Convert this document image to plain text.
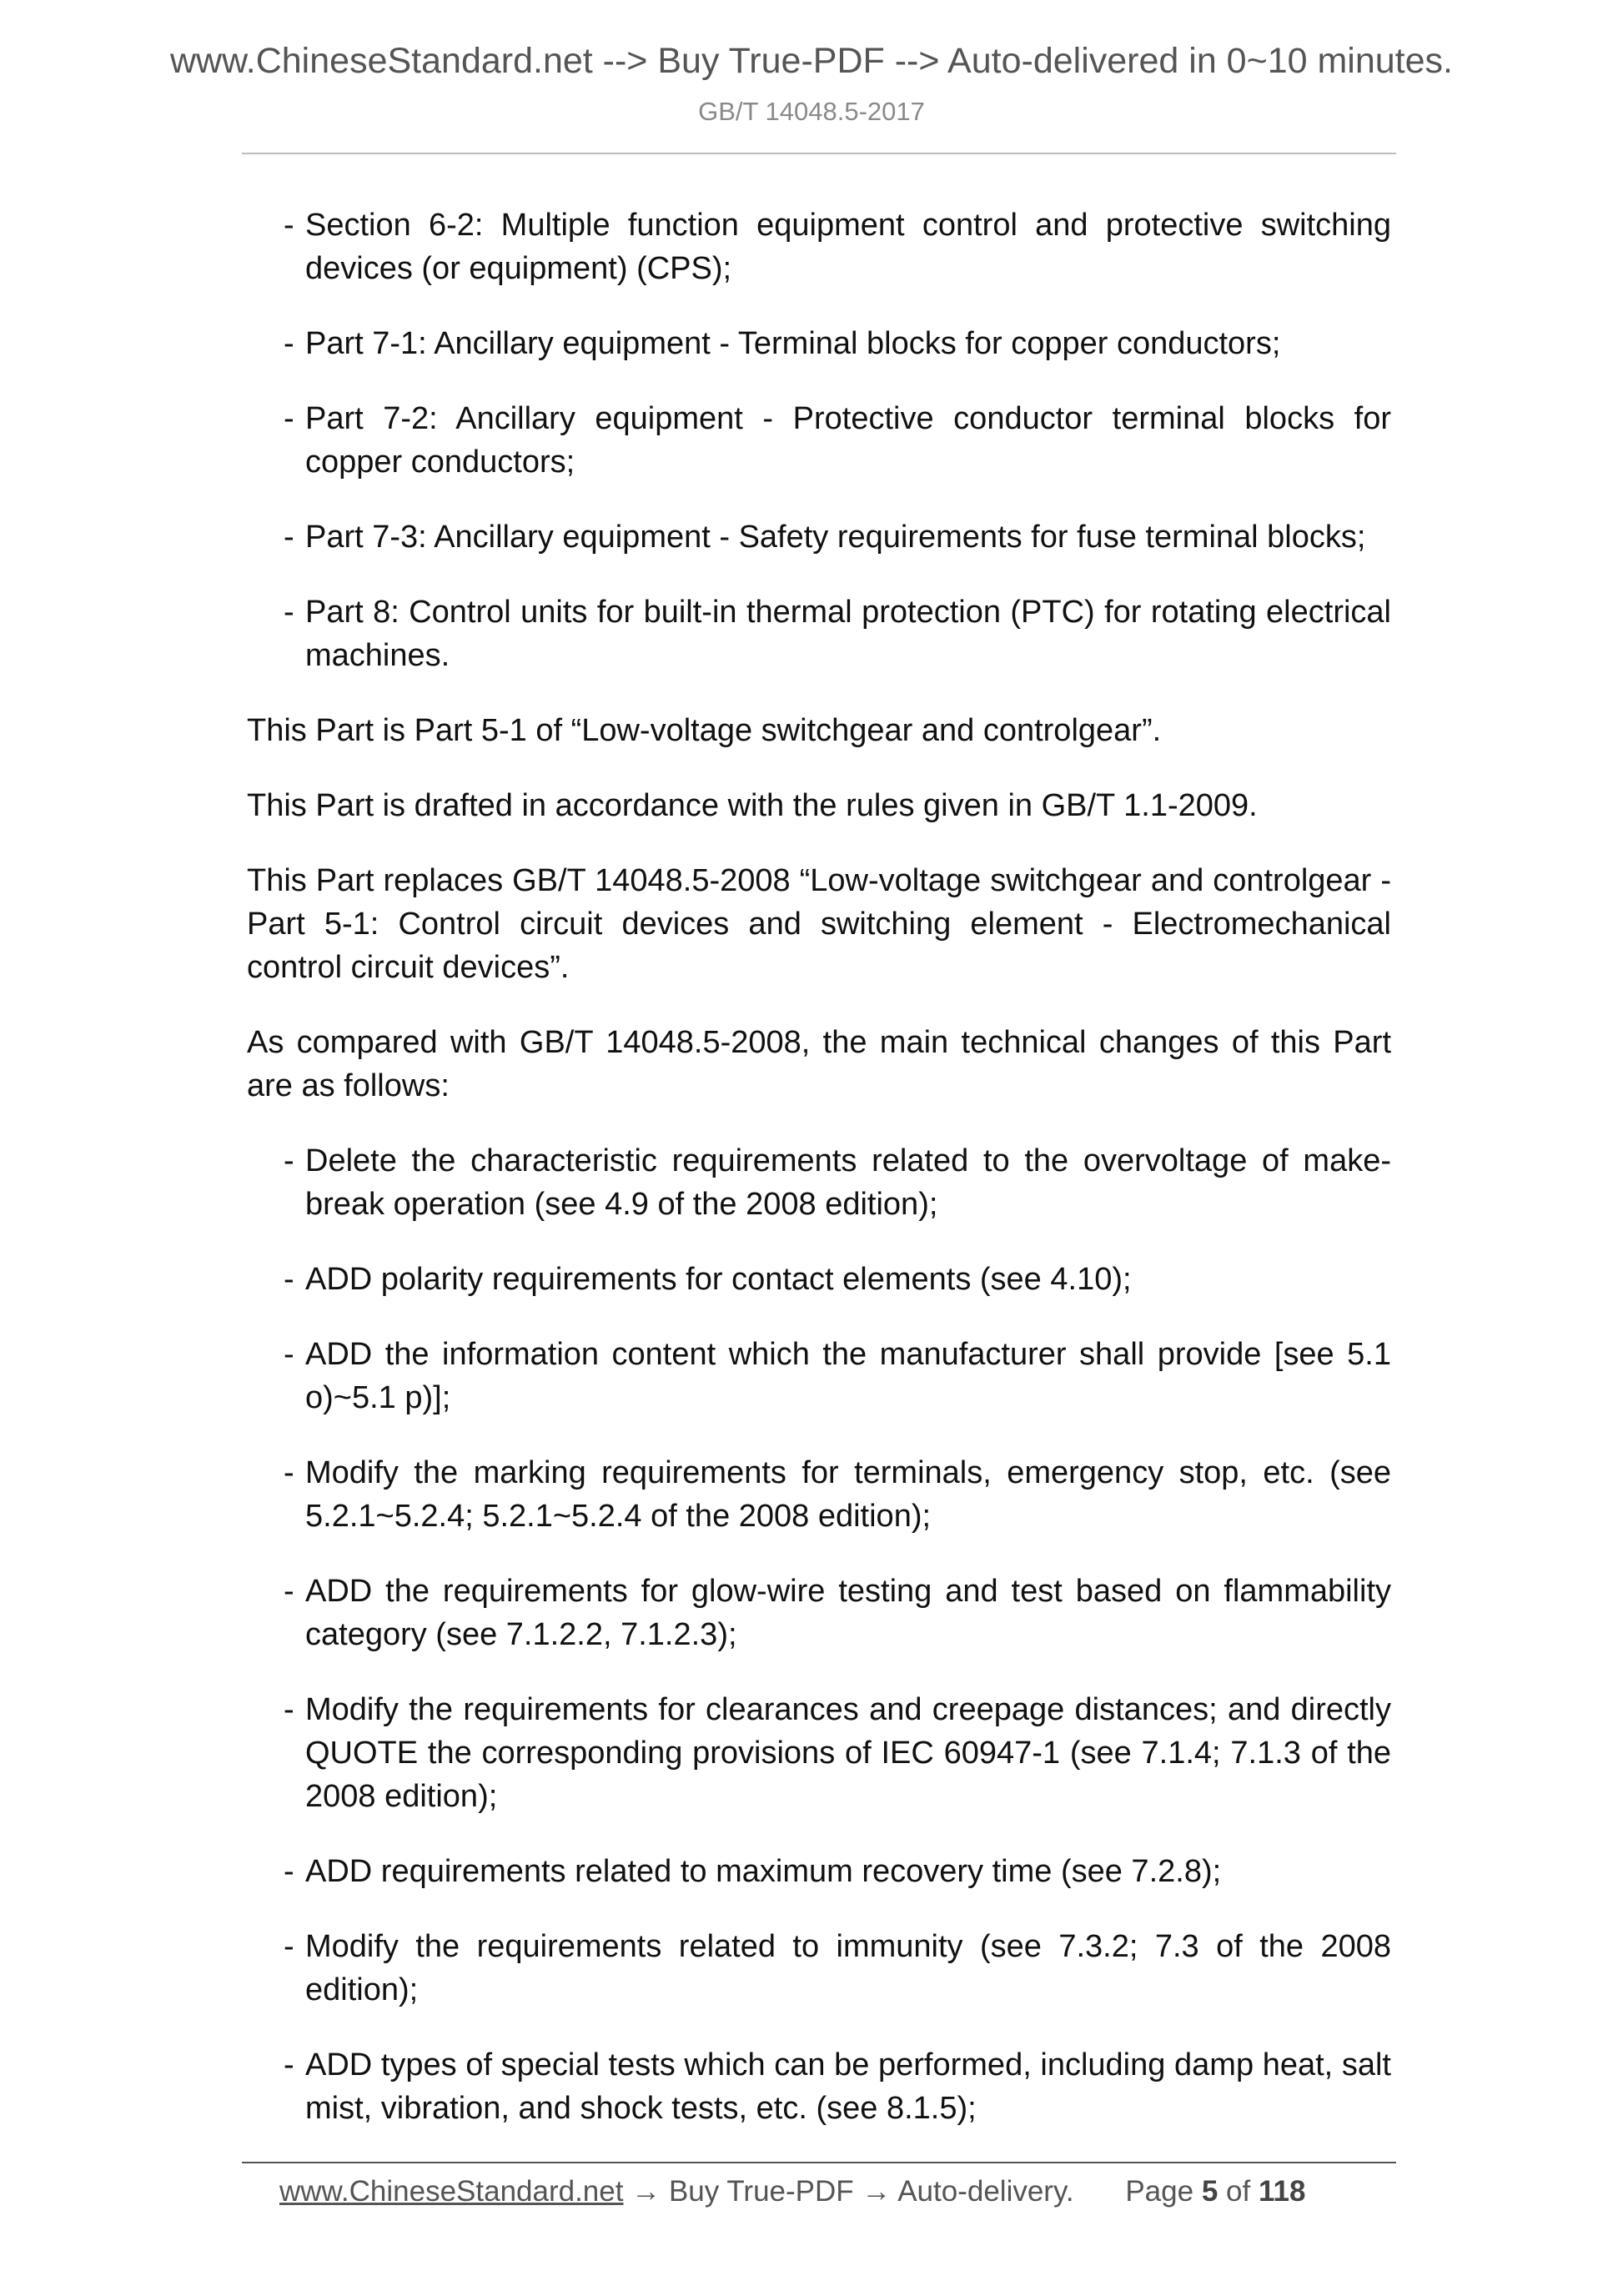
www.ChineseStandard.net --> Buy True-PDF --> Auto-delivered in 0~10 minutes.
GB/T 14048.5-2017
- Section 6-2: Multiple function equipment control and protective switching devices (or equipment) (CPS);
- Part 7-1: Ancillary equipment - Terminal blocks for copper conductors;
- Part 7-2: Ancillary equipment - Protective conductor terminal blocks for copper conductors;
- Part 7-3: Ancillary equipment - Safety requirements for fuse terminal blocks;
- Part 8: Control units for built-in thermal protection (PTC) for rotating electrical machines.

This Part is Part 5-1 of “Low-voltage switchgear and controlgear”.

This Part is drafted in accordance with the rules given in GB/T 1.1-2009.

This Part replaces GB/T 14048.5-2008 “Low-voltage switchgear and controlgear - Part 5-1: Control circuit devices and switching element - Electromechanical control circuit devices”.

As compared with GB/T 14048.5-2008, the main technical changes of this Part are as follows:

- Delete the characteristic requirements related to the overvoltage of make-break operation (see 4.9 of the 2008 edition);
- ADD polarity requirements for contact elements (see 4.10);
- ADD the information content which the manufacturer shall provide [see 5.1 o)~5.1 p)];
- Modify the marking requirements for terminals, emergency stop, etc. (see 5.2.1~5.2.4; 5.2.1~5.2.4 of the 2008 edition);
- ADD the requirements for glow-wire testing and test based on flammability category (see 7.1.2.2, 7.1.2.3);
- Modify the requirements for clearances and creepage distances; and directly QUOTE the corresponding provisions of IEC 60947-1 (see 7.1.4; 7.1.3 of the 2008 edition);
- ADD requirements related to maximum recovery time (see 7.2.8);
- Modify the requirements related to immunity (see 7.3.2; 7.3 of the 2008 edition);
- ADD types of special tests which can be performed, including damp heat, salt mist, vibration, and shock tests, etc. (see 8.1.5);
www.ChineseStandard.net → Buy True-PDF → Auto-delivery. Page 5 of 118
